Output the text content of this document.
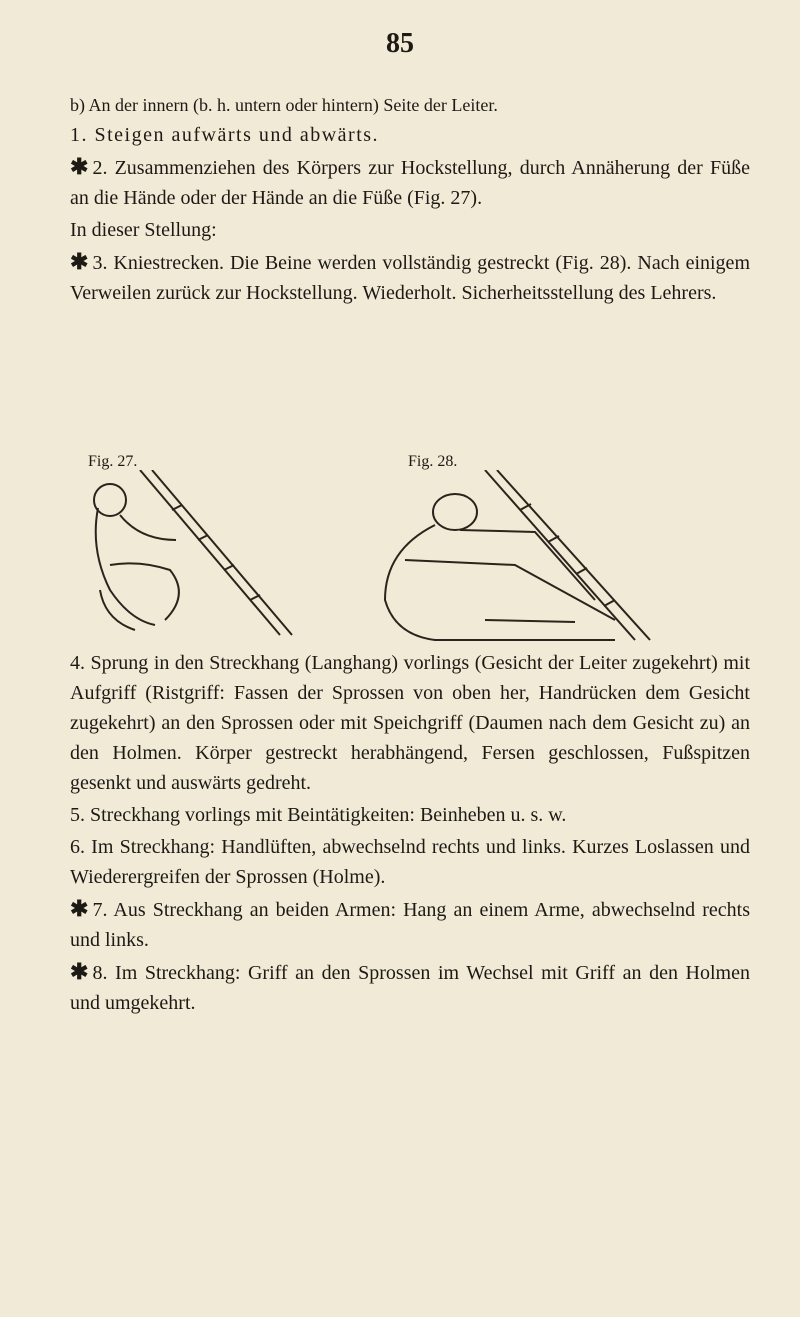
85

b) An der innern (b. h. untern oder hintern) Seite der Leiter.

1. Steigen aufwärts und abwärts.

✱ 2. Zusammenziehen des Körpers zur Hockstellung, durch Annäherung der Füße an die Hände oder der Hände an die Füße (Fig. 27).

In dieser Stellung:

✱ 3. Kniestrecken. Die Beine werden vollständig gestreckt (Fig. 28). Nach einigem Verweilen zurück zur Hockstellung. Wiederholt. Sicherheitsstellung des Lehrers.

Fig. 27.	Fig. 28.

4. Sprung in den Streckhang (Langhang) vorlings (Gesicht der Leiter zugekehrt) mit Aufgriff (Ristgriff: Fassen der Sprossen von oben her, Handrücken dem Gesicht zugekehrt) an den Sprossen oder mit Speichgriff (Daumen nach dem Gesicht zu) an den Holmen. Körper gestreckt herabhängend, Fersen geschlossen, Fußspitzen gesenkt und auswärts gedreht.

5. Streckhang vorlings mit Beintätigkeiten: Beinheben u. s. w.

6. Im Streckhang: Handlüften, abwechselnd rechts und links. Kurzes Loslassen und Wiederergreifen der Sprossen (Holme).

✱ 7. Aus Streckhang an beiden Armen: Hang an einem Arme, abwechselnd rechts und links.

✱ 8. Im Streckhang: Griff an den Sprossen im Wechsel mit Griff an den Holmen und umgekehrt.
